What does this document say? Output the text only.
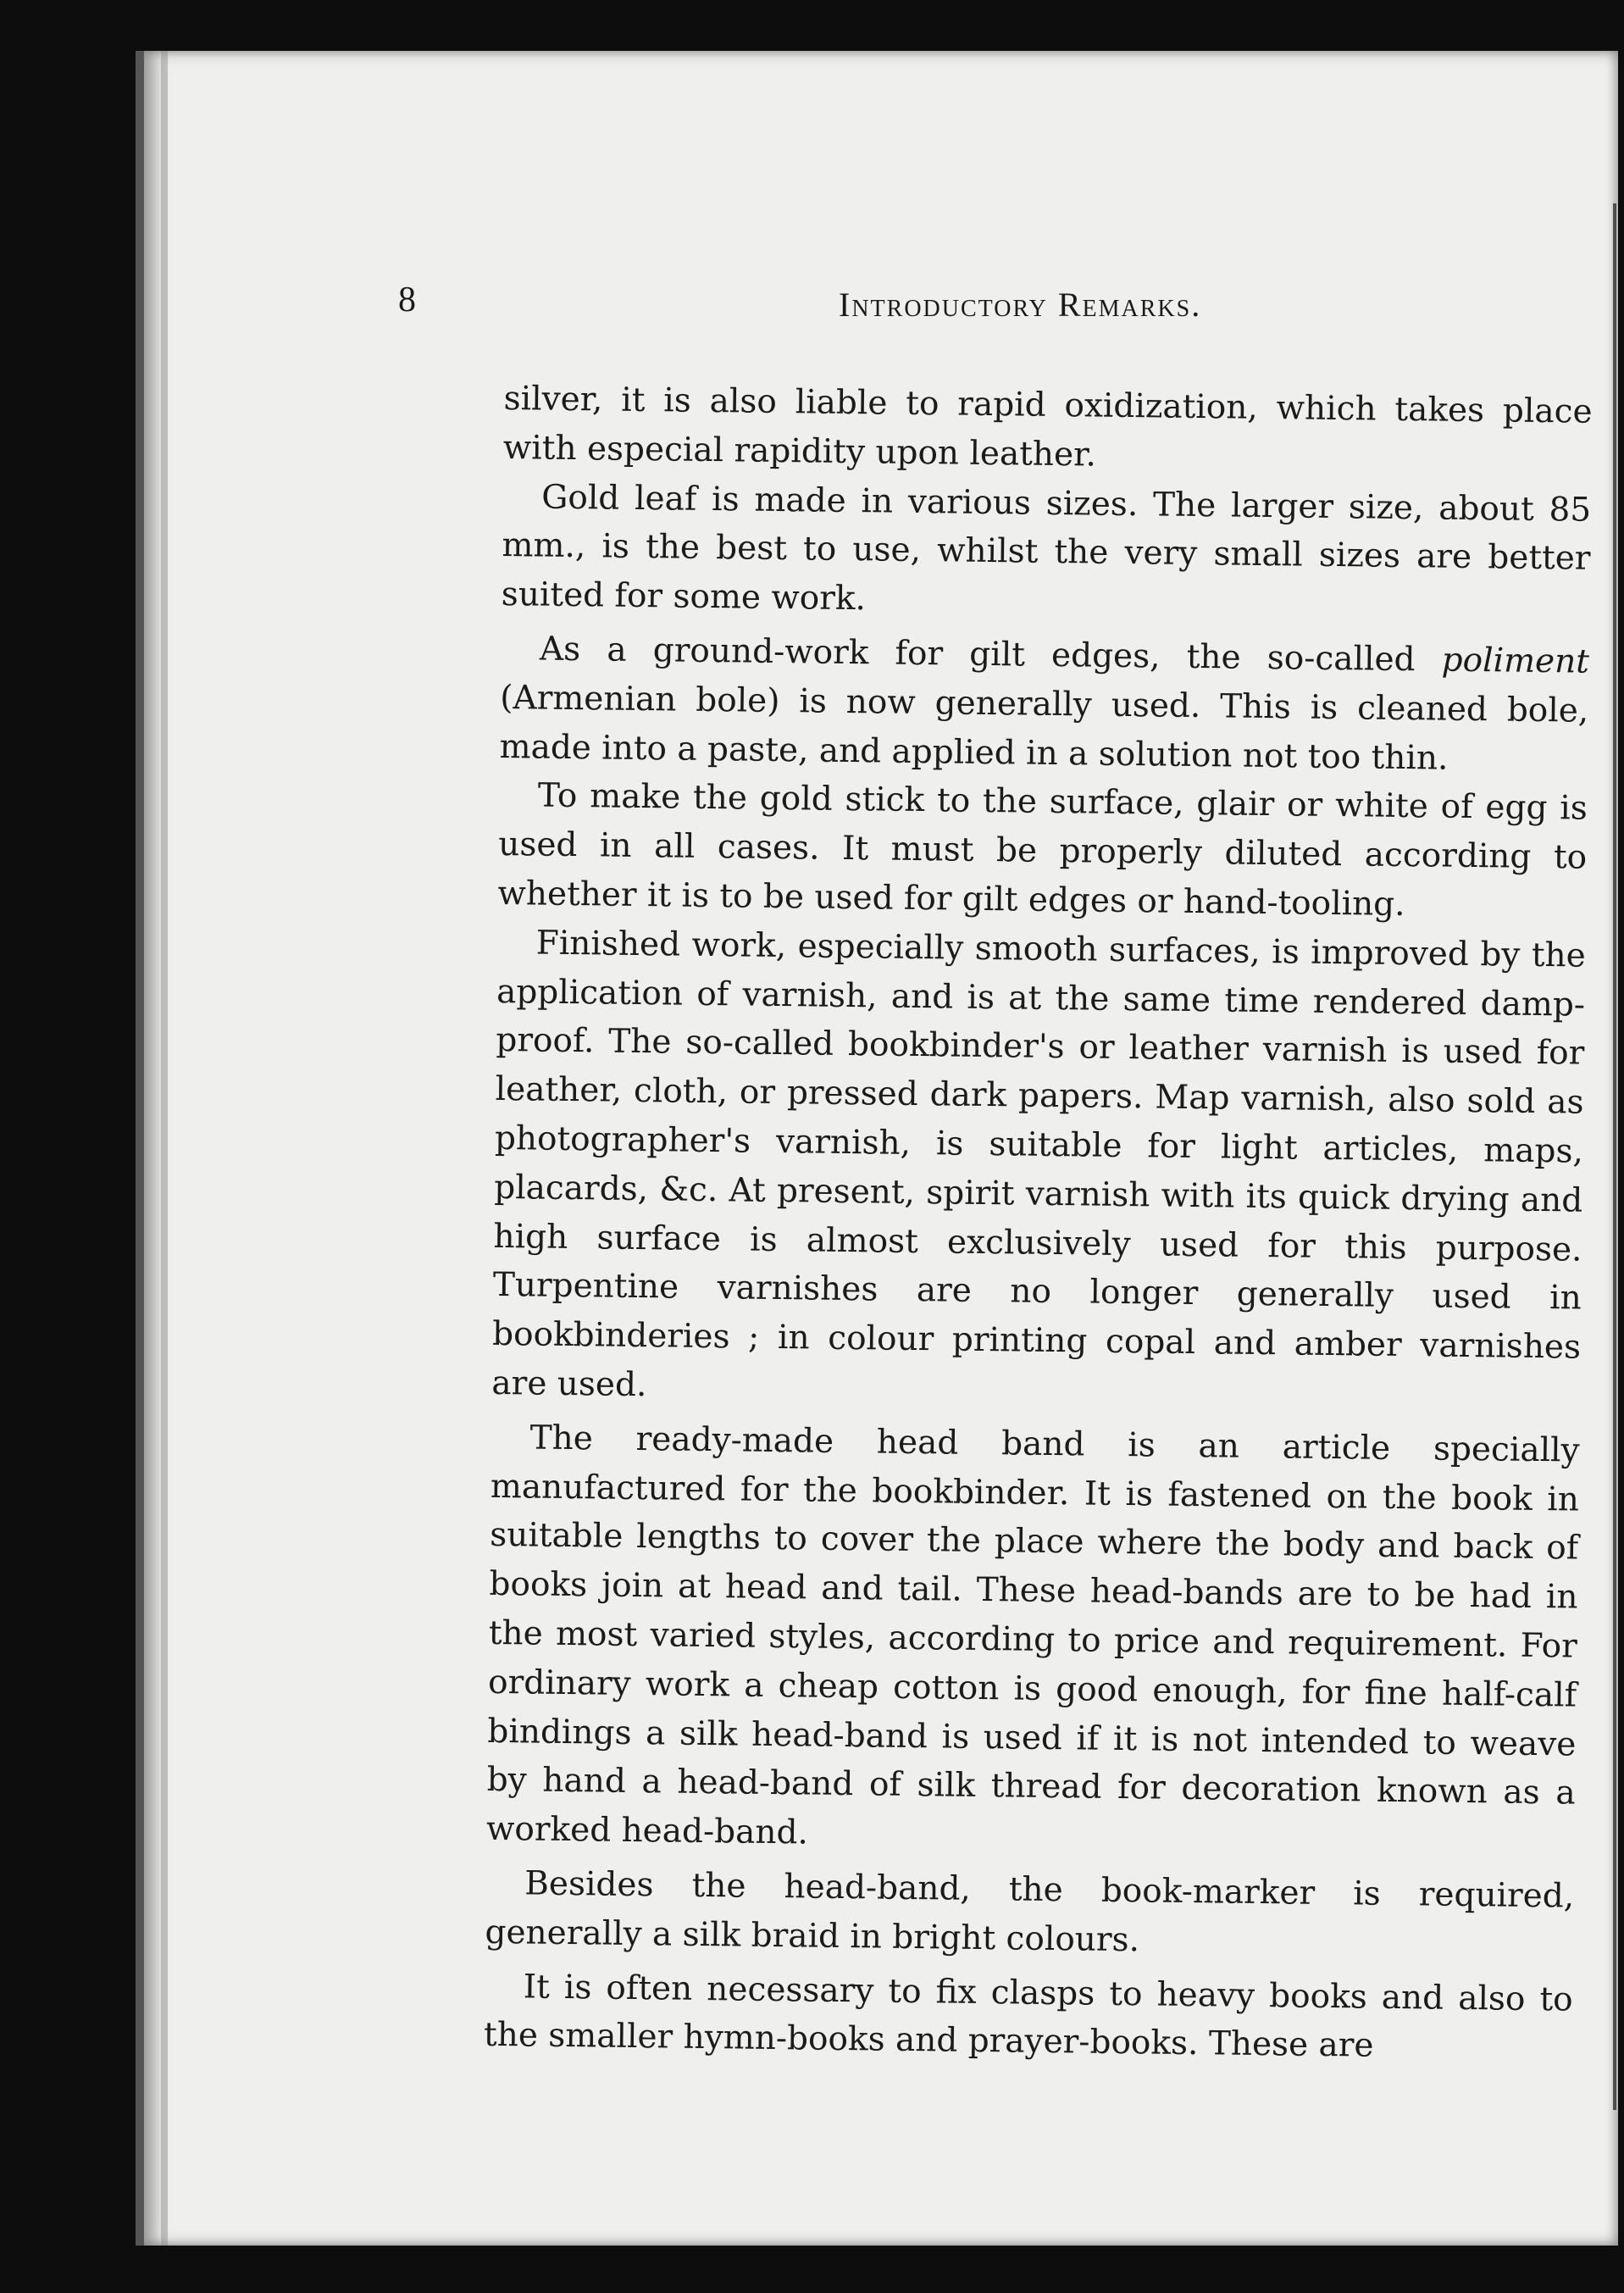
8	Introductory Remarks.

silver, it is also liable to rapid oxidization, which takes place with especial rapidity upon leather.

Gold leaf is made in various sizes. The larger size, about 85 mm., is the best to use, whilst the very small sizes are better suited for some work.

As a ground-work for gilt edges, the so-called poliment (Armenian bole) is now generally used. This is cleaned bole, made into a paste, and applied in a solution not too thin.

To make the gold stick to the surface, glair or white of egg is used in all cases. It must be properly diluted according to whether it is to be used for gilt edges or hand-tooling.

Finished work, especially smooth surfaces, is improved by the application of varnish, and is at the same time rendered damp-proof. The so-called bookbinder's or leather varnish is used for leather, cloth, or pressed dark papers. Map varnish, also sold as photographer's varnish, is suitable for light articles, maps, placards, &c. At present, spirit varnish with its quick drying and high surface is almost exclusively used for this purpose. Turpentine varnishes are no longer generally used in bookbinderies ; in colour printing copal and amber varnishes are used.

The ready-made head band is an article specially manufactured for the bookbinder. It is fastened on the book in suitable lengths to cover the place where the body and back of books join at head and tail. These head-bands are to be had in the most varied styles, according to price and requirement. For ordinary work a cheap cotton is good enough, for fine half-calf bindings a silk head-band is used if it is not intended to weave by hand a head-band of silk thread for decoration known as a worked head-band.

Besides the head-band, the book-marker is required, generally a silk braid in bright colours.

It is often necessary to fix clasps to heavy books and also to the smaller hymn-books and prayer-books. These are
